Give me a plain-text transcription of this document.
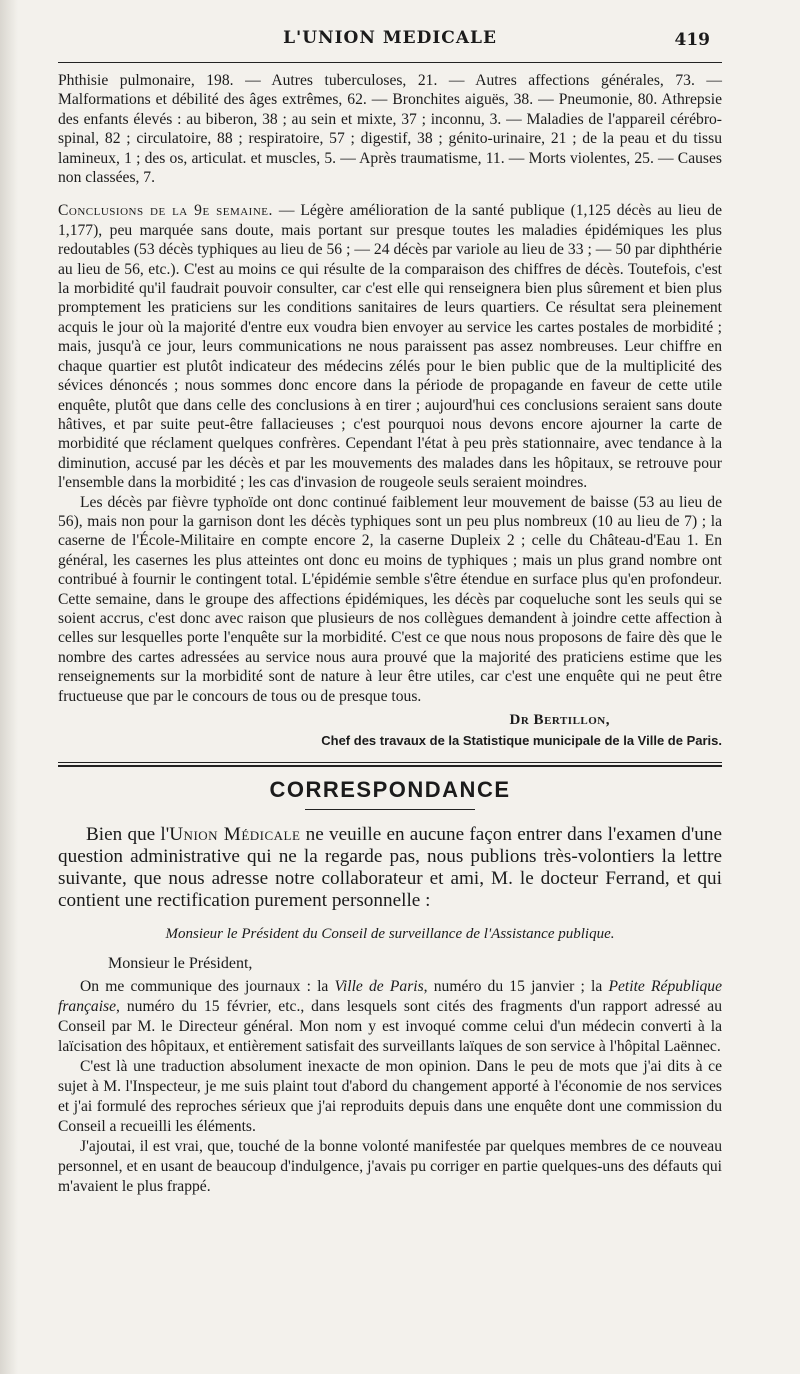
L'UNION MEDICALE	419

Phthisie pulmonaire, 198. — Autres tuberculoses, 21. — Autres affections générales, 73. — Malformations et débilité des âges extrêmes, 62. — Bronchites aiguës, 38. — Pneumonie, 80. Athrepsie des enfants élevés : au biberon, 38 ; au sein et mixte, 37 ; inconnu, 3. — Maladies de l'appareil cérébro-spinal, 82 ; circulatoire, 88 ; respiratoire, 57 ; digestif, 38 ; génito-urinaire, 21 ; de la peau et du tissu lamineux, 1 ; des os, articulat. et muscles, 5. — Après traumatisme, 11. — Morts violentes, 25. — Causes non classées, 7.

Conclusions de la 9e semaine. — Légère amélioration de la santé publique (1,125 décès au lieu de 1,177), peu marquée sans doute, mais portant sur presque toutes les maladies épidémiques les plus redoutables (53 décès typhiques au lieu de 56 ; — 24 décès par variole au lieu de 33 ; — 50 par diphthérie au lieu de 56, etc.). C'est au moins ce qui résulte de la comparaison des chiffres de décès. Toutefois, c'est la morbidité qu'il faudrait pouvoir consulter, car c'est elle qui renseignera bien plus sûrement et bien plus promptement les praticiens sur les conditions sanitaires de leurs quartiers. Ce résultat sera pleinement acquis le jour où la majorité d'entre eux voudra bien envoyer au service les cartes postales de morbidité ; mais, jusqu'à ce jour, leurs communications ne nous paraissent pas assez nombreuses. Leur chiffre en chaque quartier est plutôt indicateur des médecins zélés pour le bien public que de la multiplicité des sévices dénoncés ; nous sommes donc encore dans la période de propagande en faveur de cette utile enquête, plutôt que dans celle des conclusions à en tirer ; aujourd'hui ces conclusions seraient sans doute hâtives, et par suite peut-être fallacieuses ; c'est pourquoi nous devons encore ajourner la carte de morbidité que réclament quelques confrères. Cependant l'état à peu près stationnaire, avec tendance à la diminution, accusé par les décès et par les mouvements des malades dans les hôpitaux, se retrouve pour l'ensemble dans la morbidité ; les cas d'invasion de rougeole seuls seraient moindres.

Les décès par fièvre typhoïde ont donc continué faiblement leur mouvement de baisse (53 au lieu de 56), mais non pour la garnison dont les décès typhiques sont un peu plus nombreux (10 au lieu de 7) ; la caserne de l'École-Militaire en compte encore 2, la caserne Dupleix 2 ; celle du Château-d'Eau 1. En général, les casernes les plus atteintes ont donc eu moins de typhiques ; mais un plus grand nombre ont contribué à fournir le contingent total. L'épidémie semble s'être étendue en surface plus qu'en profondeur. Cette semaine, dans le groupe des affections épidémiques, les décès par coqueluche sont les seuls qui se soient accrus, c'est donc avec raison que plusieurs de nos collègues demandent à joindre cette affection à celles sur lesquelles porte l'enquête sur la morbidité. C'est ce que nous nous proposons de faire dès que le nombre des cartes adressées au service nous aura prouvé que la majorité des praticiens estime que les renseignements sur la morbidité sont de nature à leur être utiles, car c'est une enquête qui ne peut être fructueuse que par le concours de tous ou de presque tous.

Dr Bertillon,
Chef des travaux de la Statistique municipale de la Ville de Paris.
CORRESPONDANCE

Bien que l'Union Médicale ne veuille en aucune façon entrer dans l'examen d'une question administrative qui ne la regarde pas, nous publions très-volontiers la lettre suivante, que nous adresse notre collaborateur et ami, M. le docteur Ferrand, et qui contient une rectification purement personnelle :

Monsieur le Président du Conseil de surveillance de l'Assistance publique.
Monsieur le Président,

On me communique des journaux : la Ville de Paris, numéro du 15 janvier ; la Petite République française, numéro du 15 février, etc., dans lesquels sont cités des fragments d'un rapport adressé au Conseil par M. le Directeur général. Mon nom y est invoqué comme celui d'un médecin converti à la laïcisation des hôpitaux, et entièrement satisfait des surveillants laïques de son service à l'hôpital Laënnec.

C'est là une traduction absolument inexacte de mon opinion. Dans le peu de mots que j'ai dits à ce sujet à M. l'Inspecteur, je me suis plaint tout d'abord du changement apporté à l'économie de nos services et j'ai formulé des reproches sérieux que j'ai reproduits depuis dans une enquête dont une commission du Conseil a recueilli les éléments.

J'ajoutai, il est vrai, que, touché de la bonne volonté manifestée par quelques membres de ce nouveau personnel, et en usant de beaucoup d'indulgence, j'avais pu corriger en partie quelques-uns des défauts qui m'avaient le plus frappé.
